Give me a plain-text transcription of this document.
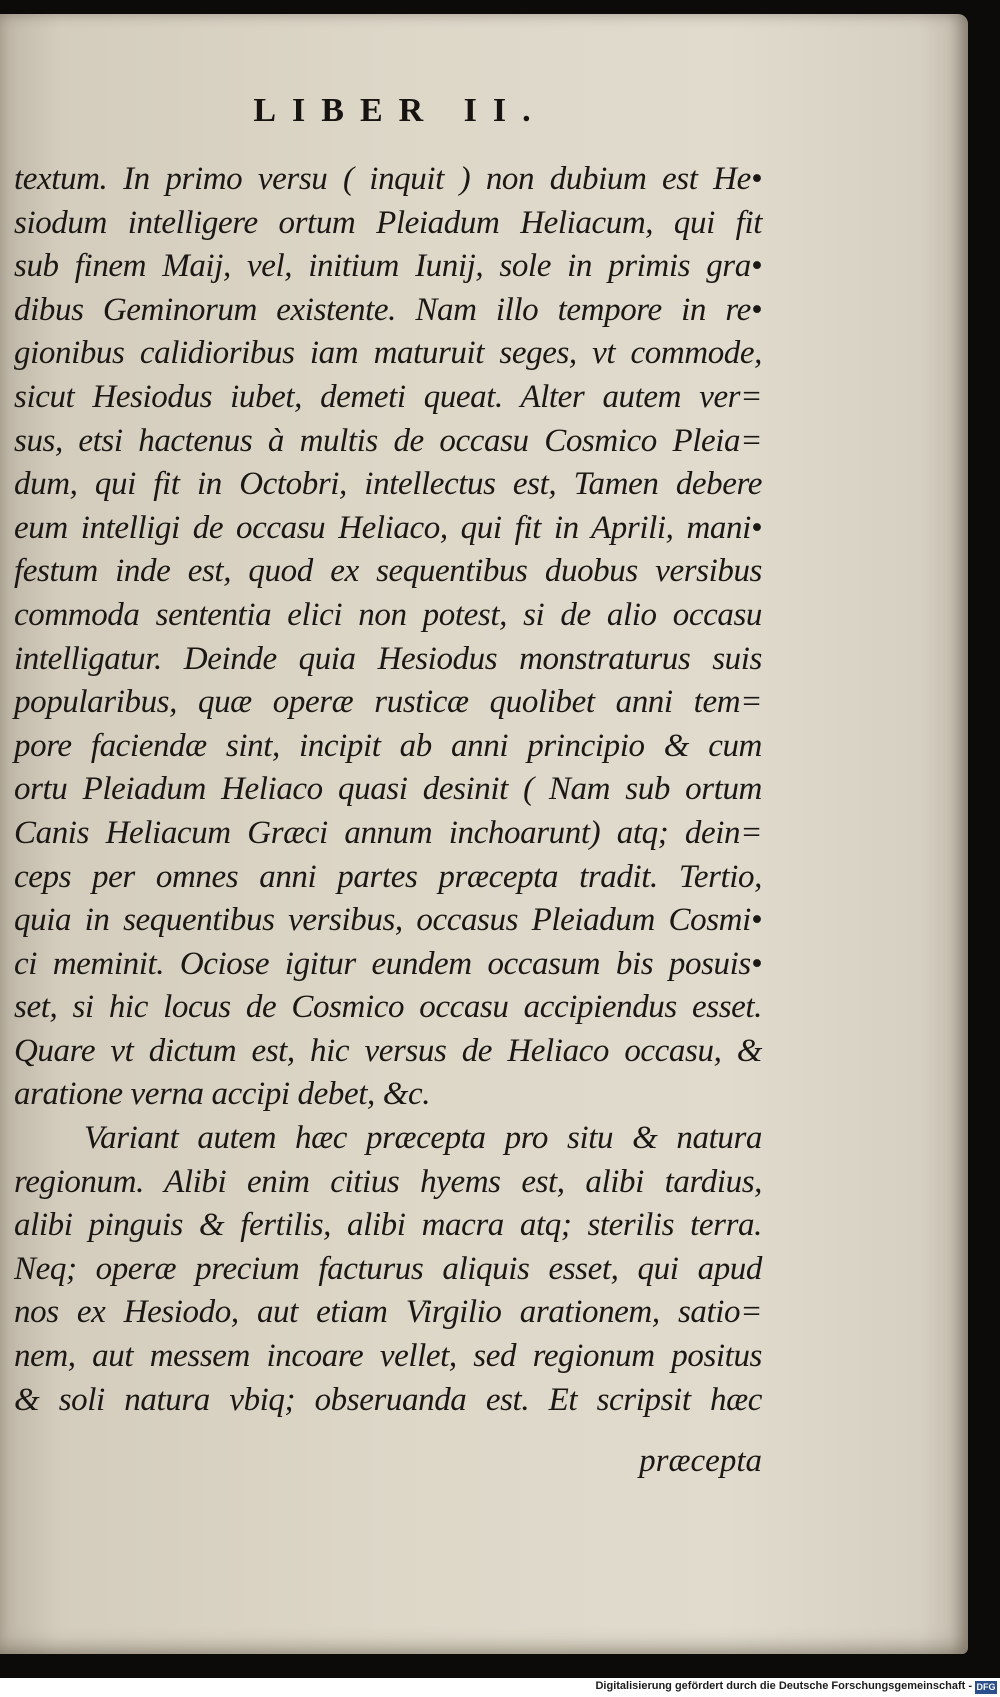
LIBER II.
textum. In primo versu ( inquit ) non dubium est He•
siodum intelligere ortum Pleiadum Heliacum, qui fit
sub finem Maij, vel, initium Iunij, sole in primis gra•
dibus Geminorum existente. Nam illo tempore in re•
gionibus calidioribus iam maturuit seges, vt commode,
sicut Hesiodus iubet, demeti queat. Alter autem ver=
sus, etsi hactenus à multis de occasu Cosmico Pleia=
dum, qui fit in Octobri, intellectus est, Tamen debere
eum intelligi de occasu Heliaco, qui fit in Aprili, mani•
festum inde est, quod ex sequentibus duobus versibus
commoda sententia elici non potest, si de alio occasu
intelligatur. Deinde quia Hesiodus monstraturus suis
popularibus, quæ operæ rusticæ quolibet anni tem=
pore faciendæ sint, incipit ab anni principio & cum
ortu Pleiadum Heliaco quasi desinit ( Nam sub ortum
Canis Heliacum Græci annum inchoarunt) atq; dein=
ceps per omnes anni partes præcepta tradit. Tertio,
quia in sequentibus versibus, occasus Pleiadum Cosmi•
ci meminit. Ociose igitur eundem occasum bis posuis•
set, si hic locus de Cosmico occasu accipiendus esset.
Quare vt dictum est, hic versus de Heliaco occasu, &
aratione verna accipi debet, &c.
Variant autem hæc præcepta pro situ & natura
regionum. Alibi enim citius hyems est, alibi tardius,
alibi pinguis & fertilis, alibi macra atq; sterilis terra.
Neq; operæ precium facturus aliquis esset, qui apud
nos ex Hesiodo, aut etiam Virgilio arationem, satio=
nem, aut messem incoare vellet, sed regionum positus
& soli natura vbiq; obseruanda est. Et scripsit hæc
præcepta
Digitalisierung gefördert durch die Deutsche Forschungsgemeinschaft - DFG
